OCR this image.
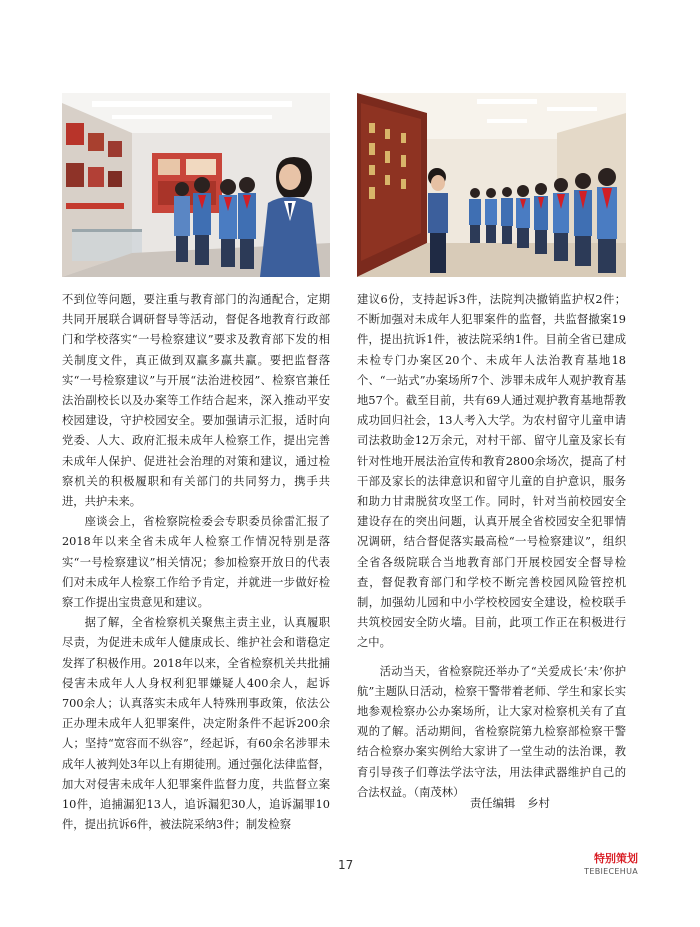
不到位等问题，要注重与教育部门的沟通配合，定期共同开展联合调研督导等活动，督促各地教育行政部门和学校落实“一号检察建议”要求及教育部下发的相关制度文件，真正做到双赢多赢共赢。要把监督落实“一号检察建议”与开展“法治进校园”、检察官兼任法治副校长以及办案等工作结合起来，深入推动平安校园建设，守护校园安全。要加强请示汇报，适时向党委、人大、政府汇报未成年人检察工作，提出完善未成年人保护、促进社会治理的对策和建议，通过检察机关的积极履职和有关部门的共同努力，携手共进，共护未来。

座谈会上，省检察院检委会专职委员徐雷汇报了2018年以来全省未成年人检察工作情况特别是落实“一号检察建议”相关情况；参加检察开放日的代表们对未成年人检察工作给予肯定，并就进一步做好检察工作提出宝贵意见和建议。

据了解，全省检察机关聚焦主责主业，认真履职尽责，为促进未成年人健康成长、维护社会和谐稳定发挥了积极作用。2018年以来，全省检察机关共批捕侵害未成年人人身权利犯罪嫌疑人400余人，起诉700余人；认真落实未成年人特殊刑事政策，依法公正办理未成年人犯罪案件，决定附条件不起诉200余人；坚持“宽容而不纵容”，经起诉，有60余名涉罪未成年人被判处3年以上有期徒刑。通过强化法律监督，加大对侵害未成年人犯罪案件监督力度，共监督立案10件，追捕漏犯13人，追诉漏犯30人，追诉漏罪10件，提出抗诉6件，被法院采纳3件；制发检察

建议6份，支持起诉3件，法院判决撤销监护权2件；不断加强对未成年人犯罪案件的监督，共监督撤案19件，提出抗诉1件，被法院采纳1件。目前全省已建成未检专门办案区20个、未成年人法治教育基地18个、“一站式”办案场所7个、涉罪未成年人观护教育基地57个。截至目前，共有69人通过观护教育基地帮教成功回归社会，13人考入大学。为农村留守儿童申请司法救助金12万余元，对村干部、留守儿童及家长有针对性地开展法治宣传和教育2800余场次，提高了村干部及家长的法律意识和留守儿童的自护意识，服务和助力甘肃脱贫攻坚工作。同时，针对当前校园安全建设存在的突出问题，认真开展全省校园安全犯罪情况调研，结合督促落实最高检“一号检察建议”，组织全省各级院联合当地教育部门开展校园安全督导检查，督促教育部门和学校不断完善校园风险管控机制，加强幼儿园和中小学校校园安全建设，检校联手共筑校园安全防火墙。目前，此项工作正在积极进行之中。

活动当天，省检察院还举办了“关爱成长‘未’你护航”主题队日活动，检察干警带着老师、学生和家长实地参观检察办公办案场所，让大家对检察机关有了直观的了解。活动期间，省检察院第九检察部检察干警结合检察办案实例给大家讲了一堂生动的法治课，教育引导孩子们尊法学法守法，用法律武器维护自己的合法权益。（南茂林）

责任编辑 乡村
17	特别策划
TEBIECEHUA
